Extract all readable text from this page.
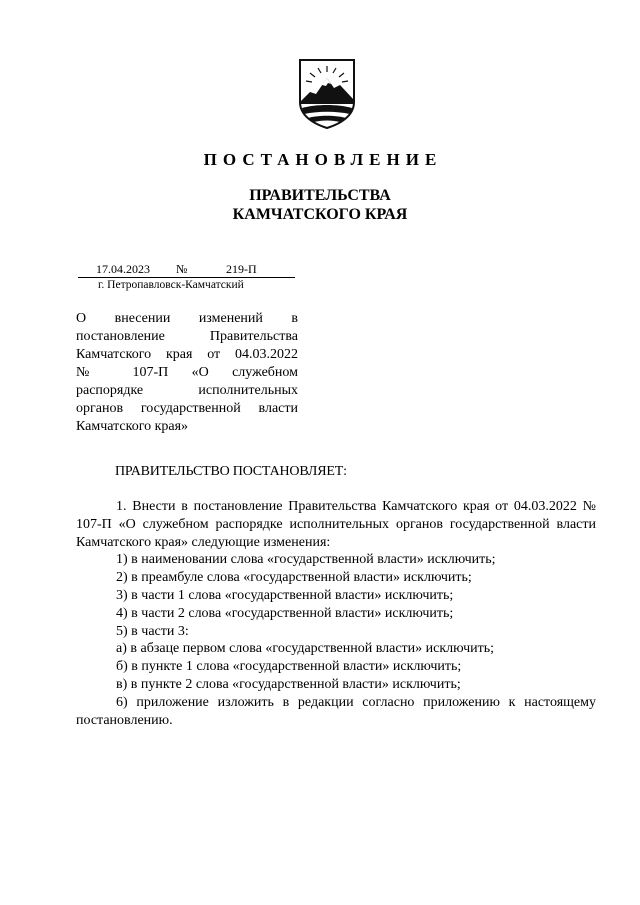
ПОСТАНОВЛЕНИЕ
ПРАВИТЕЛЬСТВА
КАМЧАТСКОГО КРАЯ
17.04.2023 №	219-П
г. Петропавловск-Камчатский
О внесении изменений в
постановление Правительства
Камчатского края от 04.03.2022
№ 107-П «О служебном
распорядке исполнительных
органов государственной власти
Камчатского края»
ПРАВИТЕЛЬСТВО ПОСТАНОВЛЯЕТ:

1. Внести в постановление Правительства Камчатского края от 04.03.2022 № 107-П «О служебном распорядке исполнительных органов государственной власти Камчатского края» следующие изменения:

1) в наименовании слова «государственной власти» исключить;

2) в преамбуле слова «государственной власти» исключить;

3) в части 1 слова «государственной власти» исключить;

4) в части 2 слова «государственной власти» исключить;

5) в части 3:

а) в абзаце первом слова «государственной власти» исключить;

б) в пункте 1 слова «государственной власти» исключить;

в) в пункте 2 слова «государственной власти» исключить;

6) приложение изложить в редакции согласно приложению к настоящему постановлению.
